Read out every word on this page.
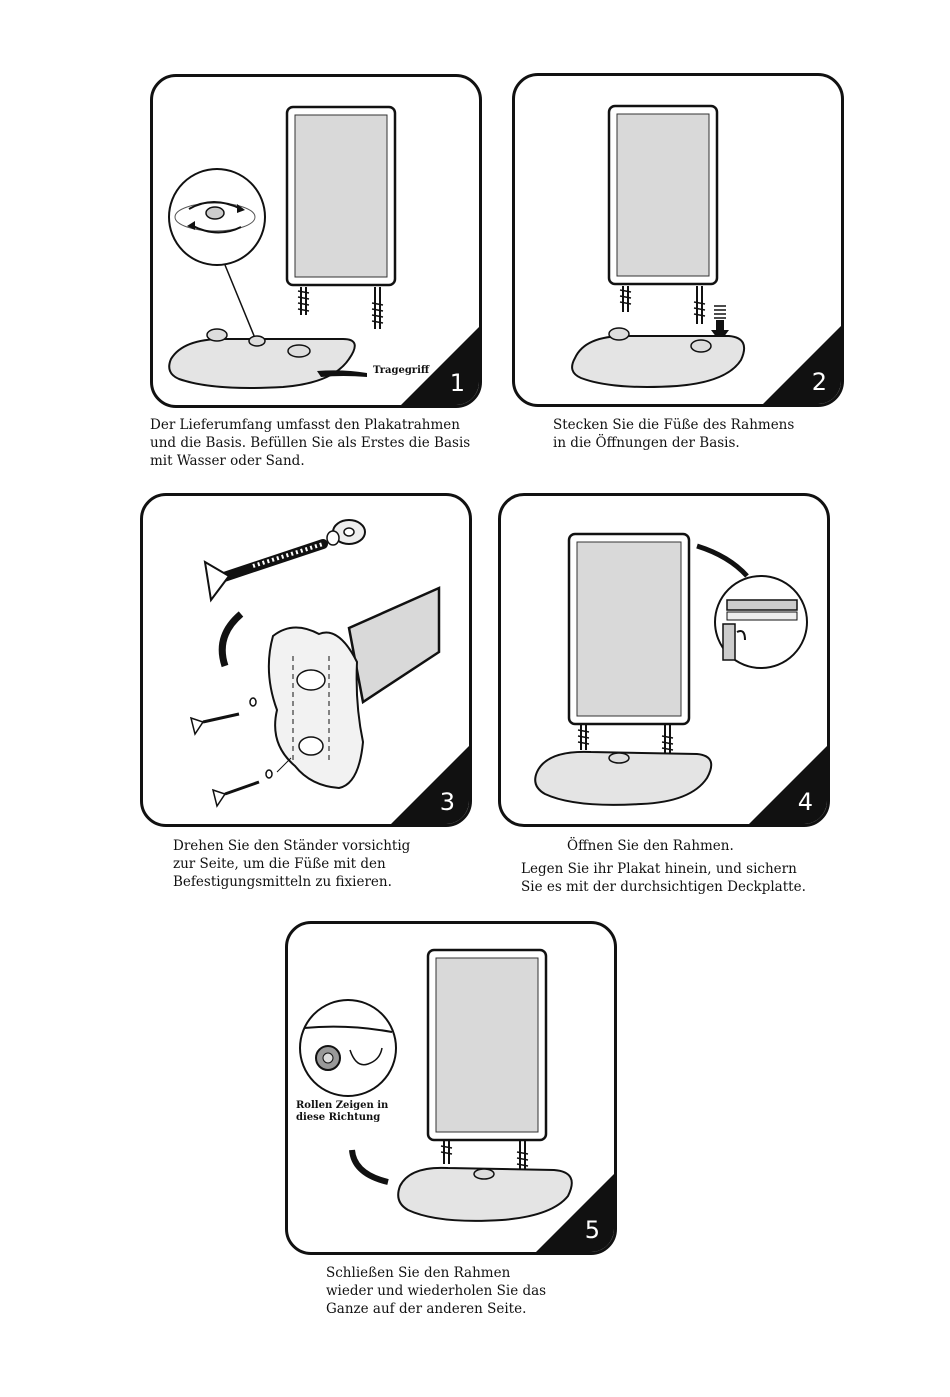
Tragegriff 1

Der Lieferumfang umfasst den Plakatrahmen
und die Basis. Befüllen Sie als Erstes die Basis
mit Wasser oder Sand.

2

Stecken Sie die Füße des Rahmens
in die Öffnungen der Basis.

3

Drehen Sie den Ständer vorsichtig
zur Seite, um die Füße mit den
Befestigungsmitteln zu fixieren.

4

Öffnen Sie den Rahmen.

Legen Sie ihr Plakat hinein, und sichern
Sie es mit der durchsichtigen Deckplatte.

Rollen Zeigen in
diese Richtung
5

Schließen Sie den Rahmen
wieder und wiederholen Sie das
Ganze auf der anderen Seite.
